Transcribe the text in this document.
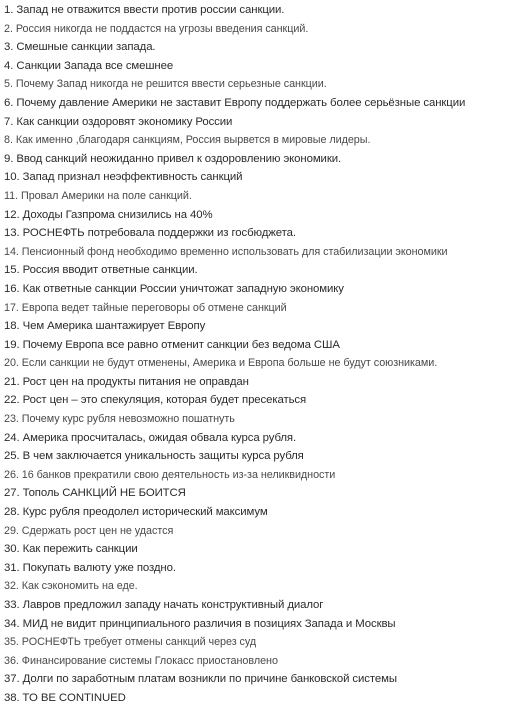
1. Запад не отважится ввести против россии санкции.
2. Россия никогда не поддастся на угрозы введения санкций.
3. Смешные санкции запада.
4. Санкции Запада все смешнее
5. Почему Запад никогда не решится ввести серьезные санкции.
6. Почему давление Америки не заставит Европу поддержать более серьёзные санкции
7. Как санкции оздоровят экономику России
8. Как именно ,благодаря санкциям, Россия вырвется в мировые лидеры.
9. Ввод санкций неожиданно привел к оздоровлению экономики.
10. Запад признал неэффективность санкций
11. Провал Америки на поле санкций.
12. Доходы Газпрома снизились на 40%
13. РОСНЕФТЬ потребовала поддержки из госбюджета.
14. Пенсионный фонд необходимо временно использовать для стабилизации экономики
15. Россия вводит ответные санкции.
16. Как ответные санкции России уничтожат западную экономику
17. Европа ведет тайные переговоры об отмене санкций
18. Чем Америка шантажирует Европу
19. Почему Европа все равно отменит санкции без ведома США
20. Если санкции не будут отменены, Америка и Европа больше не будут союзниками.
21. Рост цен на продукты питания не оправдан
22. Рост цен – это спекуляция, которая будет пресекаться
23. Почему курс рубля невозможно пошатнуть
24. Америка просчиталась, ожидая обвала курса рубля.
25. В чем заключается уникальность защиты курса рубля
26. 16 банков прекратили свою деятельность из-за неликвидности
27. Тополь САНКЦИЙ НЕ БОИТСЯ
28. Курс рубля преодолел исторический максимум
29. Сдержать рост цен не удастся
30. Как пережить санкции
31. Покупать валюту уже поздно.
32. Как сэкономить на еде.
33. Лавров предложил западу начать конструктивный диалог
34. МИД не видит принципиального различия в позициях Запада и Москвы
35. РОСНЕФТЬ требует отмены санкций через суд
36. Финансирование системы Глокасс приостановлено
37. Долги по заработным платам возникли по причине банковской системы
38. TO BE CONTINUED
